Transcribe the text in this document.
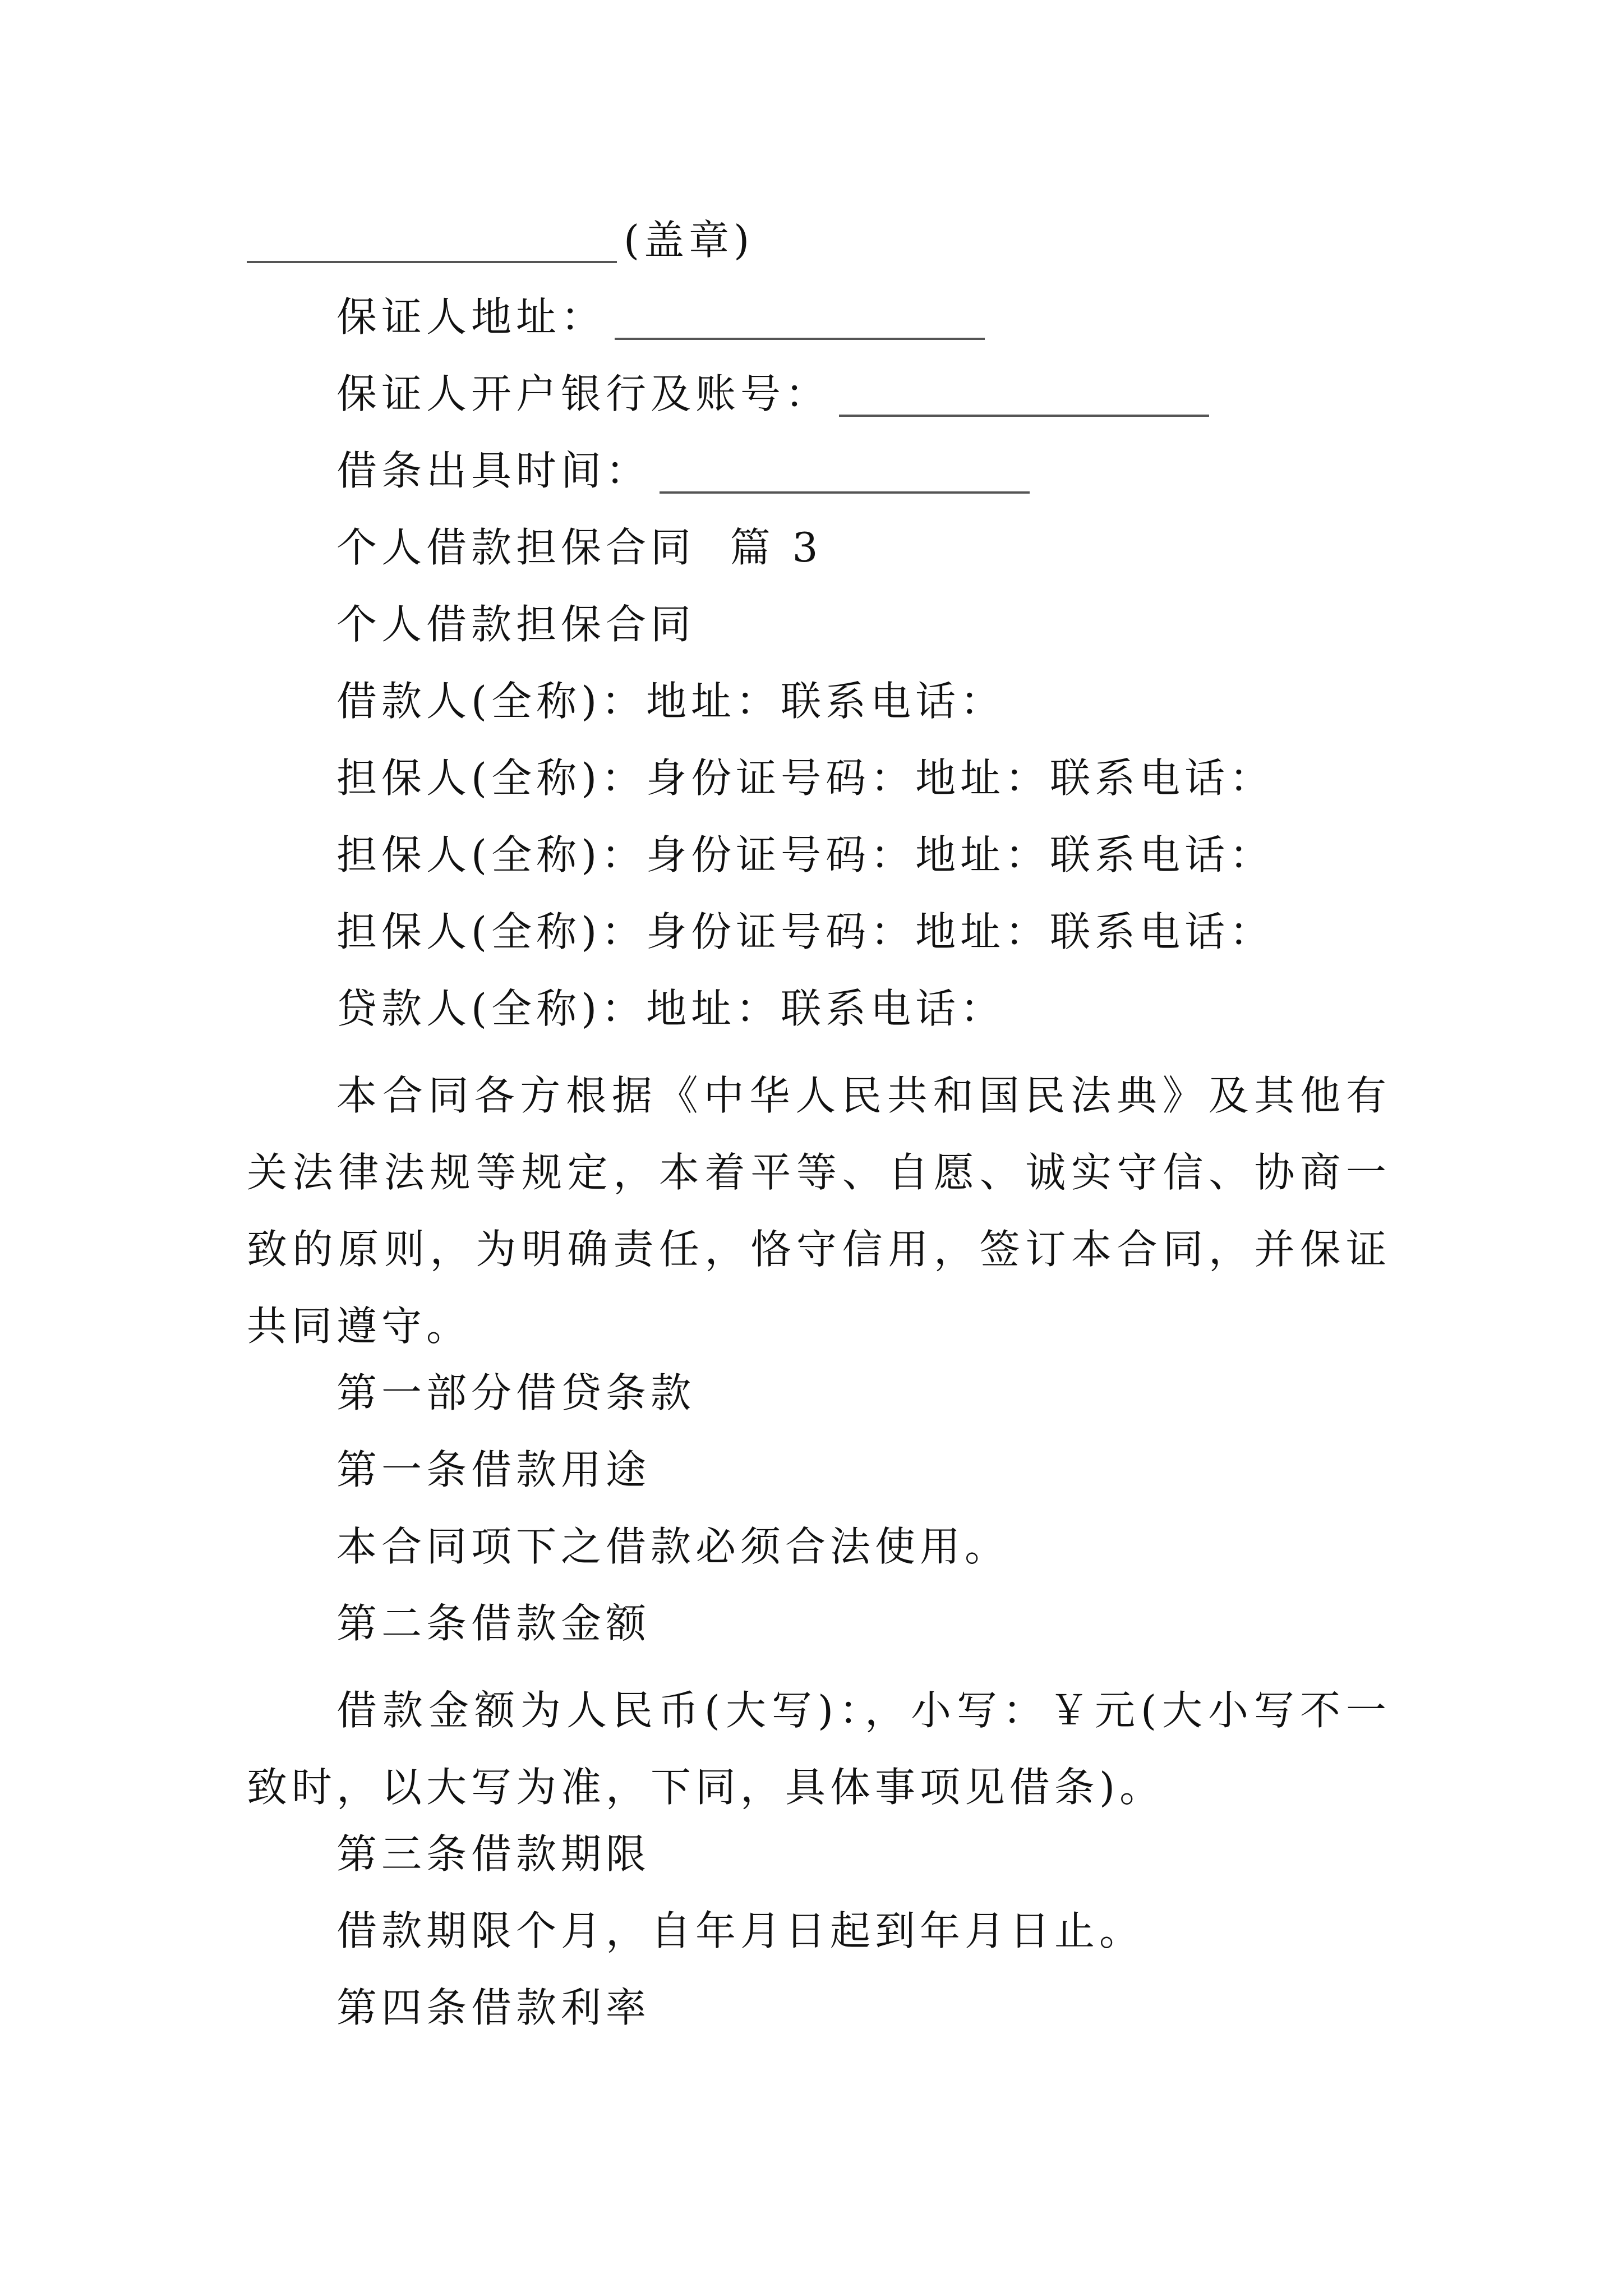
(盖章)
保证人地址：
保证人开户银行及账号：
借条出具时间：
个人借款担保合同  篇 3
个人借款担保合同
借款人(全称)：地址：联系电话：
担保人(全称)：身份证号码：地址：联系电话：
担保人(全称)：身份证号码：地址：联系电话：
担保人(全称)：身份证号码：地址：联系电话：
贷款人(全称)：地址：联系电话：
本合同各方根据《中华人民共和国民法典》及其他有关法律法规等规定，本着平等、自愿、诚实守信、协商一致的原则，为明确责任，恪守信用，签订本合同，并保证共同遵守。
第一部分借贷条款
第一条借款用途
本合同项下之借款必须合法使用。
第二条借款金额
借款金额为人民币(大写)：，小写：￥元(大小写不一致时，以大写为准，下同，具体事项见借条)。
第三条借款期限
借款期限个月，自年月日起到年月日止。
第四条借款利率
